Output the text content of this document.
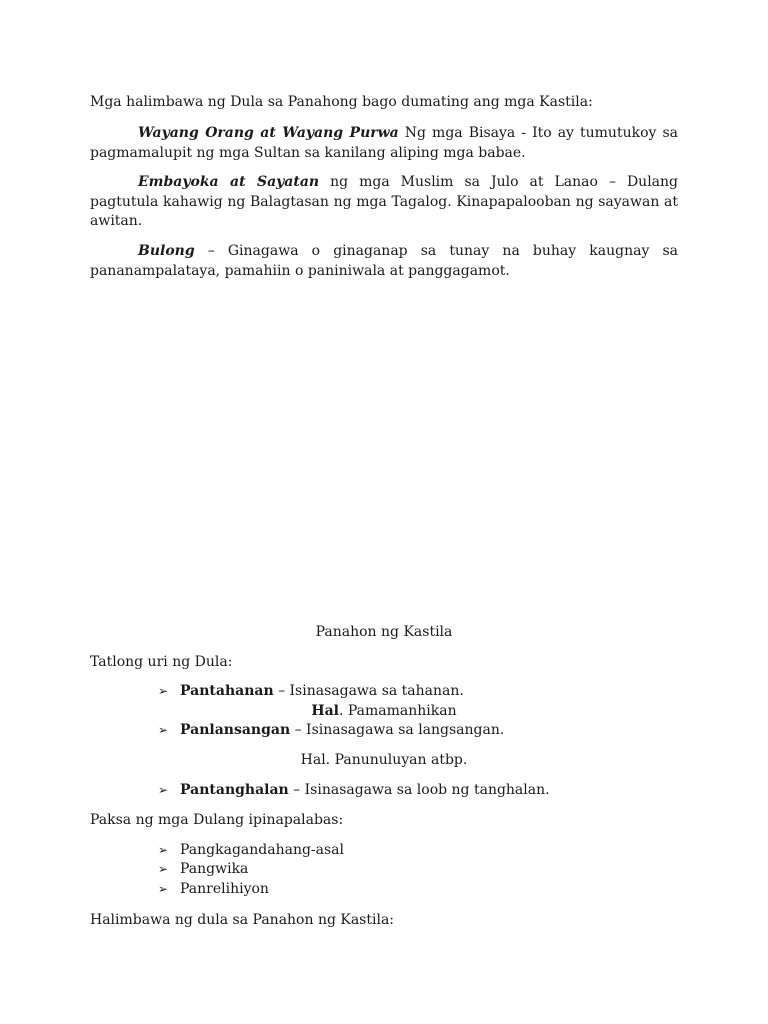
Mga halimbawa ng Dula sa Panahong bago dumating ang mga Kastila:
Wayang Orang at Wayang Purwa Ng mga Bisaya - Ito ay tumutukoy sa pagmamalupit ng mga Sultan sa kanilang aliping mga babae.
Embayoka at Sayatan ng mga Muslim sa Julo at Lanao – Dulang pagtutula kahawig ng Balagtasan ng mga Tagalog. Kinapapalooban ng sayawan at awitan.
Bulong – Ginagawa o ginaganap sa tunay na buhay kaugnay sa pananampalataya, pamahiin o paniniwala at panggagamot.
Panahon ng Kastila
Tatlong uri ng Dula:
➢ Pantahanan – Isinasagawa sa tahanan.
Hal. Pamamanhikan
➢ Panlansangan – Isinasagawa sa langsangan.
Hal. Panunuluyan atbp.
➢ Pantanghalan – Isinasagawa sa loob ng tanghalan.
Paksa ng mga Dulang ipinapalabas:
➢ Pangkagandahang-asal
➢ Pangwika
➢ Panrelihiyon
Halimbawa ng dula sa Panahon ng Kastila:
